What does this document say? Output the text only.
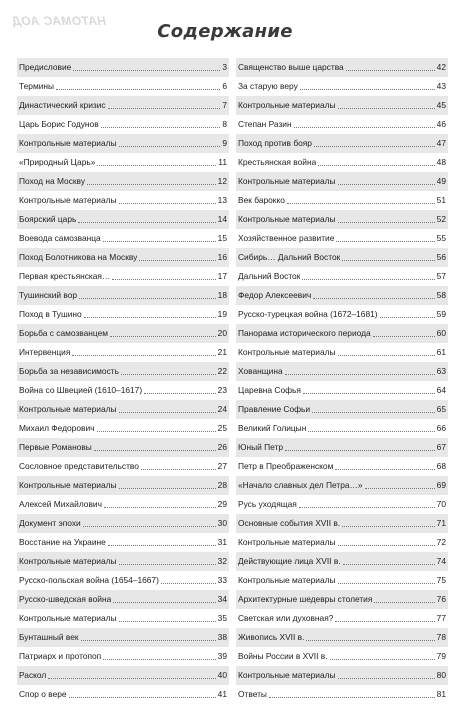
НАТОМАС АОД	Содержание
Предисловие	3
Термины	6
Династический кризис	7
Царь Борис Годунов	8
Контрольные материалы	9
«Природный Царь»	11
Поход на Москву	12
Контрольные материалы	13
Боярский царь	14
Воевода самозванца	15
Поход Болотникова на Москву	16
Первая крестьянская…	17
Тушинский вор	18
Поход в Тушино	19
Борьба с самозванцем	20
Интервенция	21
Борьба за независимость	22
Война со Швецией (1610–1617)	23
Контрольные материалы	24
Михаил Федорович	25
Первые Романовы	26
Сословное представительство	27
Контрольные материалы	28
Алексей Михайлович	29
Документ эпохи	30
Восстание на Украине	31
Контрольные материалы	32
Русско-польская война (1654–1667)	33
Русско-шведская война	34
Контрольные материалы	35
Бунташный век	38
Патриарх и протопоп	39
Раскол	40
Спор о вере	41
Священство выше царства	42
За старую веру	43
Контрольные материалы	45
Степан Разин	46
Поход против бояр	47
Крестьянская война	48
Контрольные материалы	49
Век барокко	51
Контрольные материалы	52
Хозяйственное развитие	55
Сибирь… Дальний Восток	56
Дальний Восток	57
Федор Алексеевич	58
Русско-турецкая война (1672–1681)	59
Панорама исторического периода	60
Контрольные материалы	61
Хованщина	63
Царевна Софья	64
Правление Софьи	65
Великий Голицын	66
Юный Петр	67
Петр в Преображенском	68
«Начало славных дел Петра…»	69
Русь уходящая	70
Основные события XVII в.	71
Контрольные материалы	72
Действующие лица XVII в.	74
Контрольные материалы	75
Архитектурные шедевры столетия	76
Светская или духовная?	77
Живопись XVII в.	78
Войны России в XVII в.	79
Контрольные материалы	80
Ответы	81
